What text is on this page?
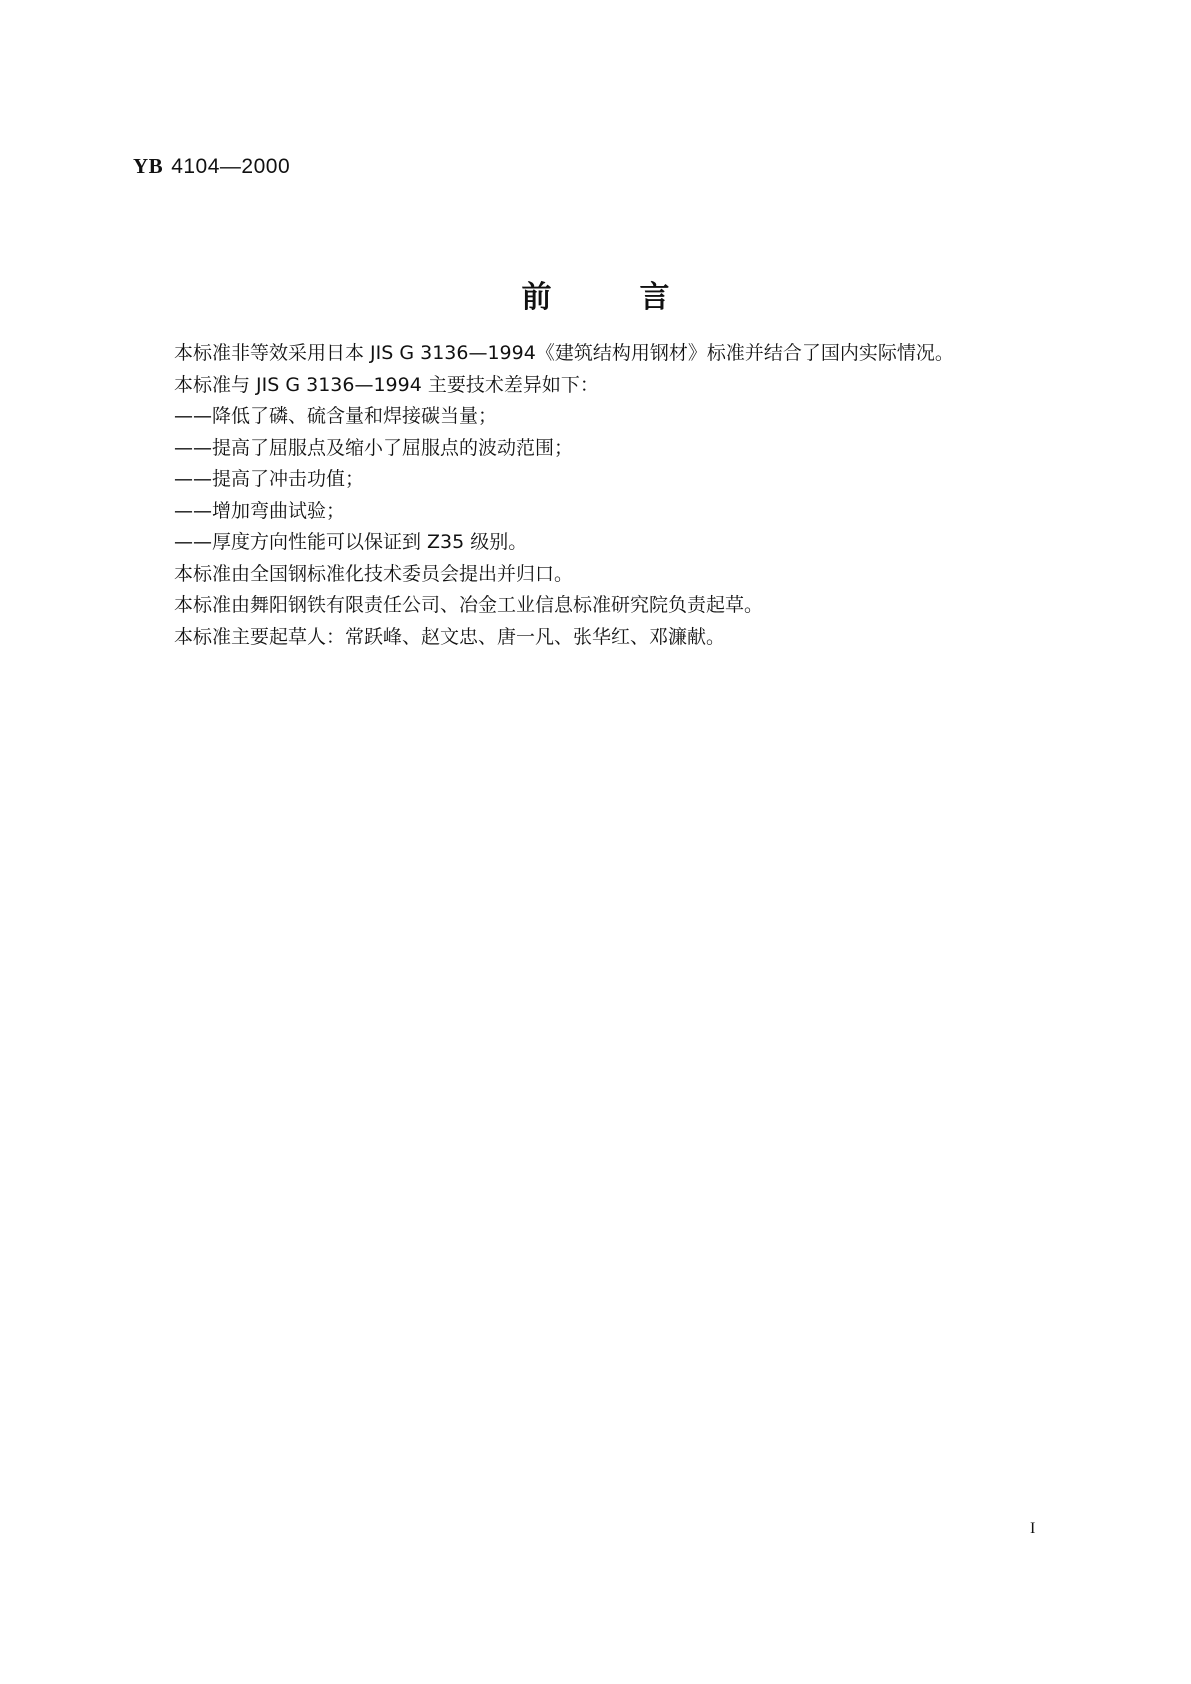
YB 4104—2000
前言

本标准非等效采用日本 JIS G 3136—1994《建筑结构用钢材》标准并结合了国内实际情况。

本标准与 JIS G 3136—1994 主要技术差异如下：

——降低了磷、硫含量和焊接碳当量；

——提高了屈服点及缩小了屈服点的波动范围；

——提高了冲击功值；

——增加弯曲试验；

——厚度方向性能可以保证到 Z35 级别。

本标准由全国钢标准化技术委员会提出并归口。

本标准由舞阳钢铁有限责任公司、冶金工业信息标准研究院负责起草。

本标准主要起草人：常跃峰、赵文忠、唐一凡、张华红、邓濂献。

I
